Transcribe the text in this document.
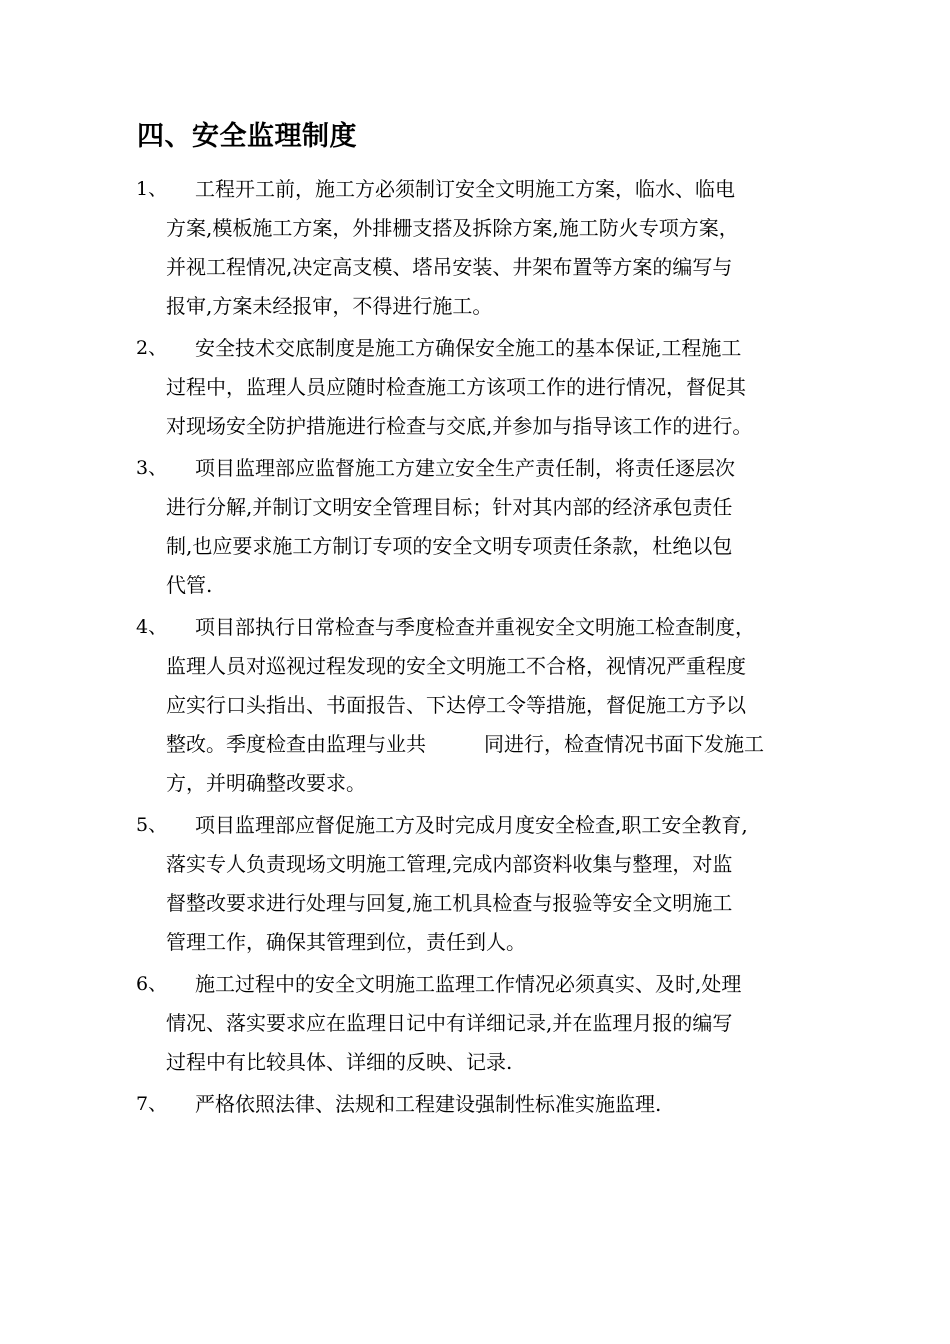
四、安全监理制度
1、	工程开工前，施工方必须制订安全文明施工方案，临水、临电
方案,模板施工方案，外排栅支搭及拆除方案,施工防火专项方案，
并视工程情况,决定高支模、塔吊安装、井架布置等方案的编写与
报审,方案未经报审，不得进行施工。
2、	安全技术交底制度是施工方确保安全施工的基本保证,工程施工
过程中，监理人员应随时检查施工方该项工作的进行情况，督促其
对现场安全防护措施进行检查与交底,并参加与指导该工作的进行。
3、	项目监理部应监督施工方建立安全生产责任制，将责任逐层次
进行分解,并制订文明安全管理目标；针对其内部的经济承包责任
制,也应要求施工方制订专项的安全文明专项责任条款，杜绝以包
代管.
4、	项目部执行日常检查与季度检查并重视安全文明施工检查制度，
监理人员对巡视过程发现的安全文明施工不合格，视情况严重程度
应实行口头指出、书面报告、下达停工令等措施，督促施工方予以
整改。季度检查由监理与业共	同进行，检查情况书面下发施工
方，并明确整改要求。
5、	项目监理部应督促施工方及时完成月度安全检查,职工安全教育,
落实专人负责现场文明施工管理,完成内部资料收集与整理，对监
督整改要求进行处理与回复,施工机具检查与报验等安全文明施工
管理工作，确保其管理到位，责任到人。
6、	施工过程中的安全文明施工监理工作情况必须真实、及时,处理
情况、落实要求应在监理日记中有详细记录,并在监理月报的编写
过程中有比较具体、详细的反映、记录.
7、	严格依照法律、法规和工程建设强制性标准实施监理.
